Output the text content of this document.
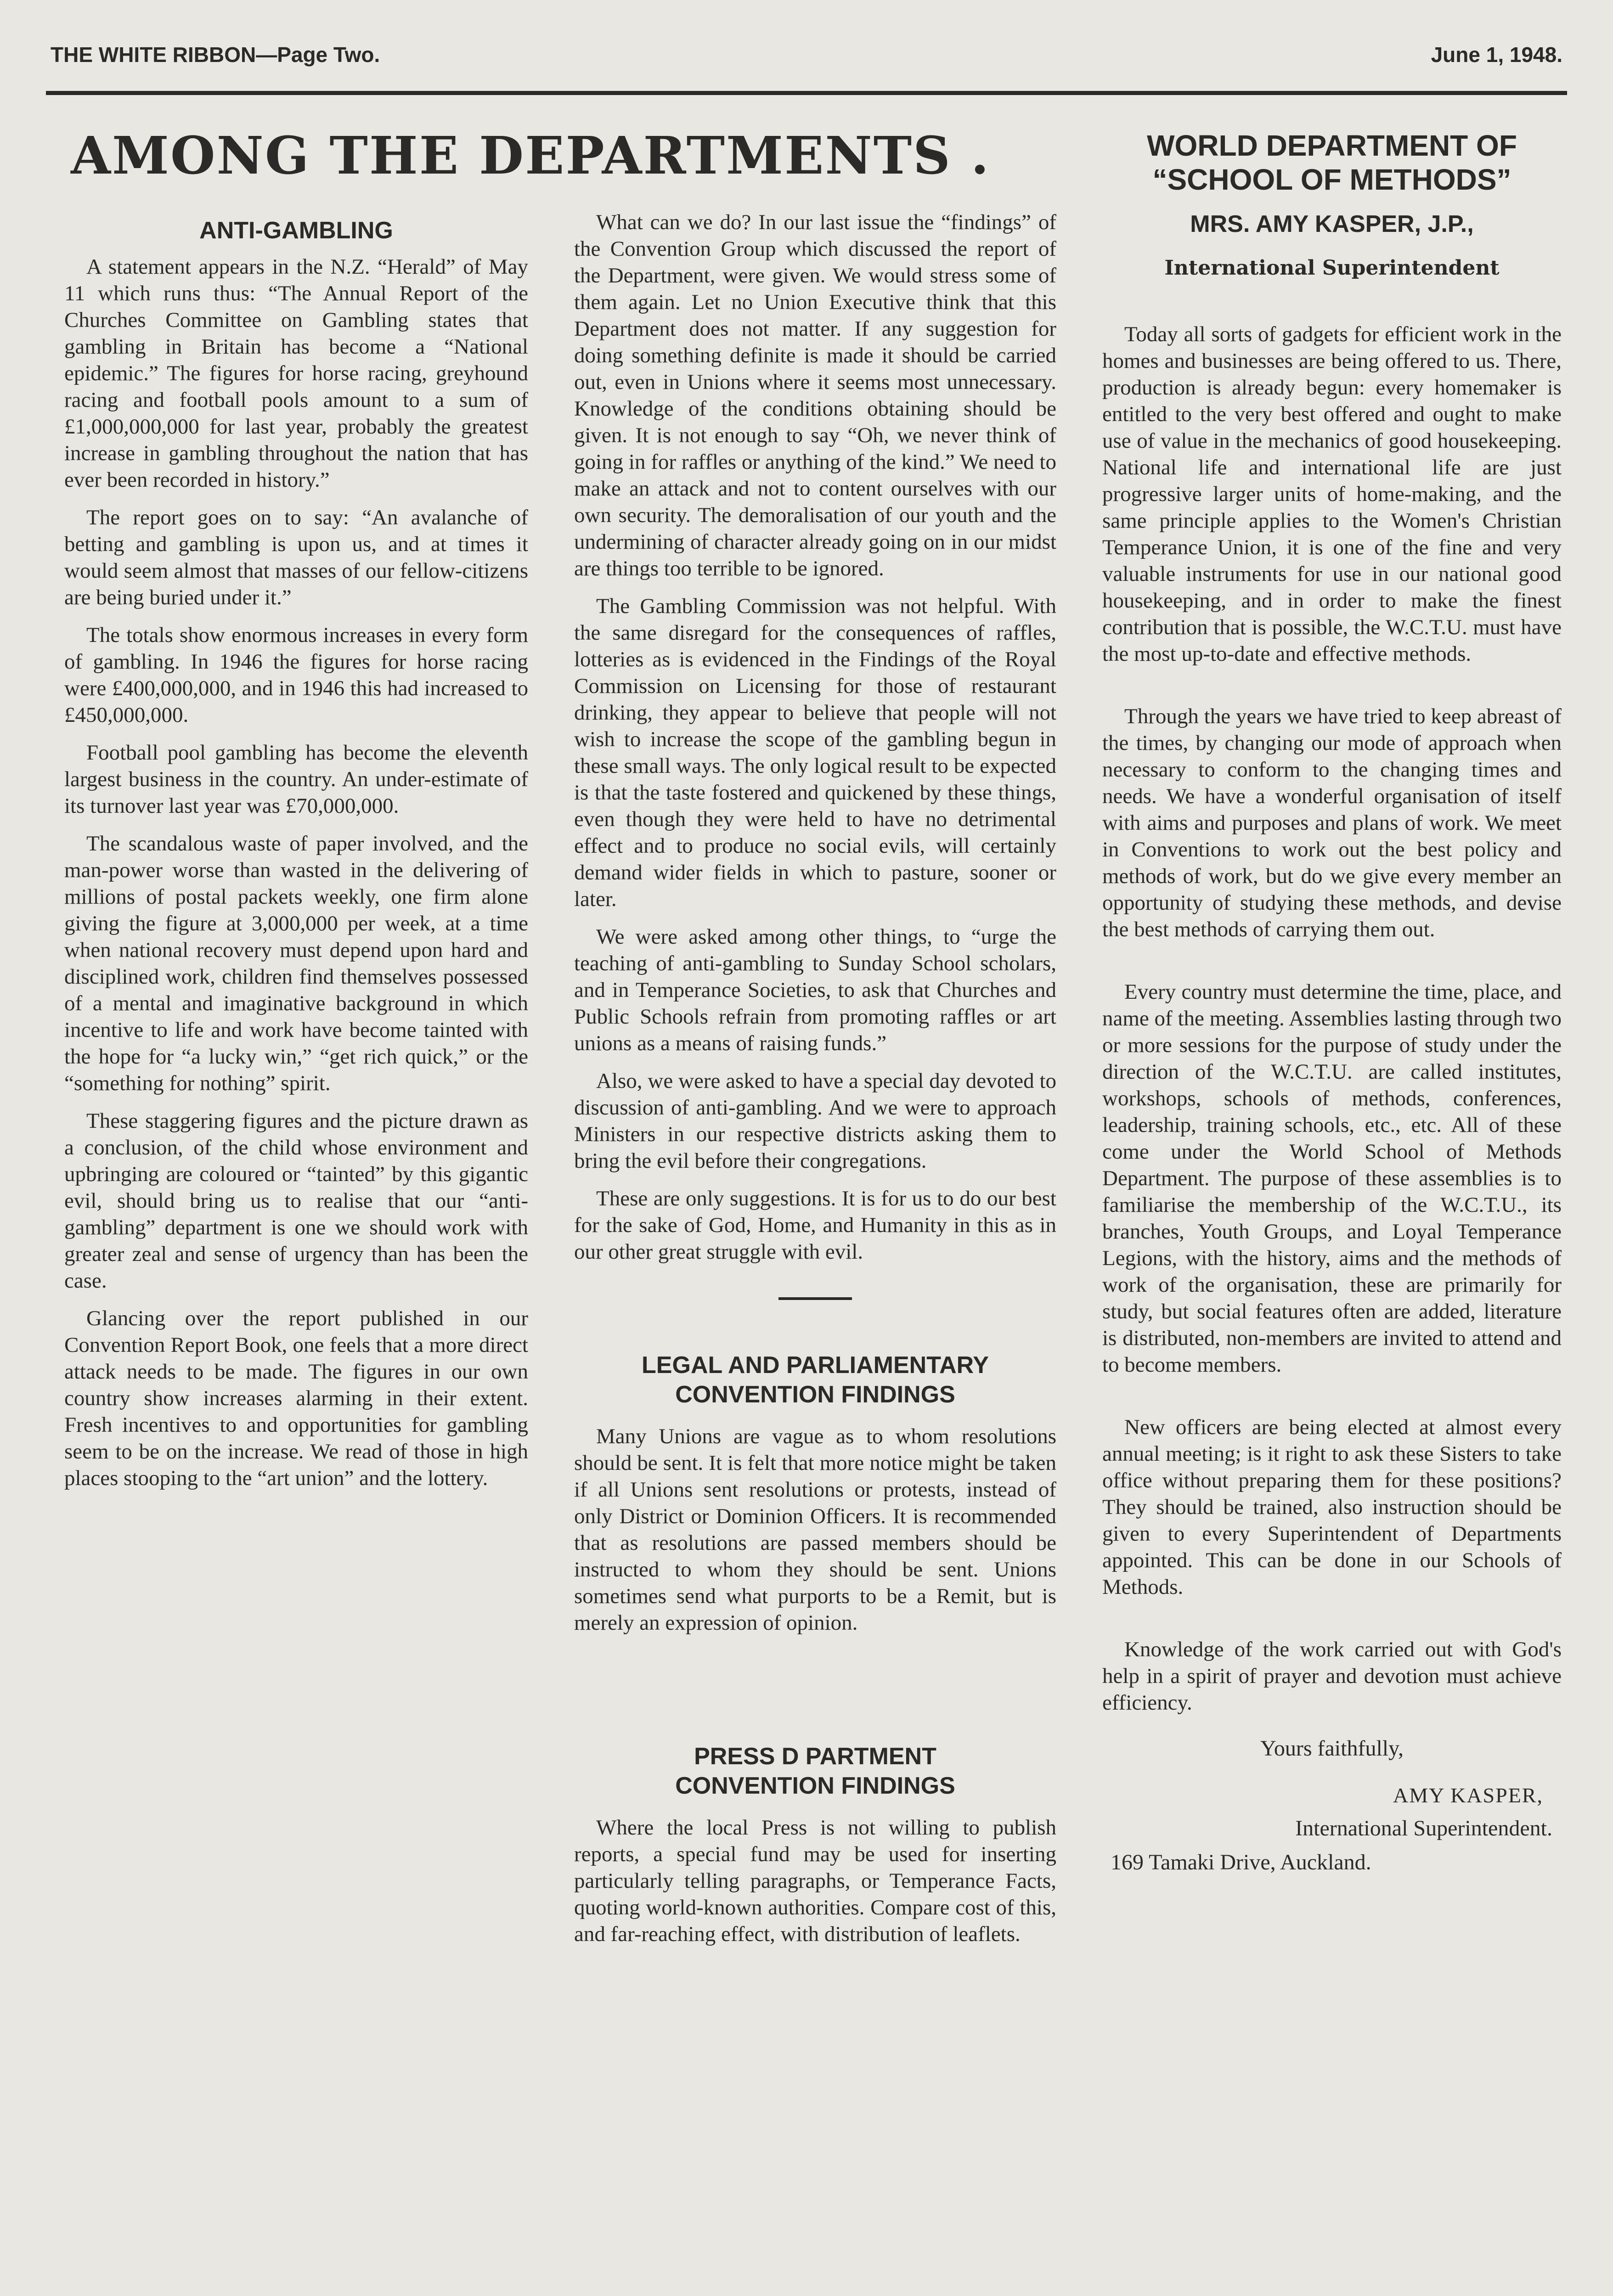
THE WHITE RIBBON—Page Two.	June 1, 1948.
AMONG THE DEPARTMENTS .
ANTI-GAMBLING

A statement appears in the N.Z. “Herald” of May 11 which runs thus: “The Annual Report of the Churches Committee on Gambling states that gambling in Britain has become a “National epidemic.” The figures for horse racing, greyhound racing and football pools amount to a sum of £1,000,000,000 for last year, probably the greatest increase in gambling throughout the nation that has ever been recorded in history.”

The report goes on to say: “An avalanche of betting and gambling is upon us, and at times it would seem almost that masses of our fellow-citizens are being buried under it.”

The totals show enormous increases in every form of gambling. In 1946 the figures for horse racing were £400,000,000, and in 1946 this had increased to £450,000,000.

Football pool gambling has become the eleventh largest business in the country. An under-estimate of its turnover last year was £70,000,000.

The scandalous waste of paper involved, and the man-power worse than wasted in the delivering of millions of postal packets weekly, one firm alone giving the figure at 3,000,000 per week, at a time when national recovery must depend upon hard and disciplined work, children find themselves possessed of a mental and imaginative background in which incentive to life and work have become tainted with the hope for “a lucky win,” “get rich quick,” or the “something for nothing” spirit.

These staggering figures and the picture drawn as a conclusion, of the child whose environment and upbringing are coloured or “tainted” by this gigantic evil, should bring us to realise that our “anti-gambling” department is one we should work with greater zeal and sense of urgency than has been the case.

Glancing over the report published in our Convention Report Book, one feels that a more direct attack needs to be made. The figures in our own country show increases alarming in their extent. Fresh incentives to and opportunities for gambling seem to be on the increase. We read of those in high places stooping to the “art union” and the lottery.

What can we do? In our last issue the “findings” of the Convention Group which discussed the report of the Department, were given. We would stress some of them again. Let no Union Executive think that this Department does not matter. If any suggestion for doing something definite is made it should be carried out, even in Unions where it seems most unnecessary. Knowledge of the conditions obtaining should be given. It is not enough to say “Oh, we never think of going in for raffles or anything of the kind.” We need to make an attack and not to content ourselves with our own security. The demoralisation of our youth and the undermining of character already going on in our midst are things too terrible to be ignored.

The Gambling Commission was not helpful. With the same disregard for the consequences of raffles, lotteries as is evidenced in the Findings of the Royal Commission on Licensing for those of restaurant drinking, they appear to believe that people will not wish to increase the scope of the gambling begun in these small ways. The only logical result to be expected is that the taste fostered and quickened by these things, even though they were held to have no detrimental effect and to produce no social evils, will certainly demand wider fields in which to pasture, sooner or later.

We were asked among other things, to “urge the teaching of anti-gambling to Sunday School scholars, and in Temperance Societies, to ask that Churches and Public Schools refrain from promoting raffles or art unions as a means of raising funds.”

Also, we were asked to have a special day devoted to discussion of anti-gambling. And we were to approach Ministers in our respective districts asking them to bring the evil before their congregations.

These are only suggestions. It is for us to do our best for the sake of God, Home, and Humanity in this as in our other great struggle with evil.

LEGAL AND PARLIAMENTARY
CONVENTION FINDINGS

Many Unions are vague as to whom resolutions should be sent. It is felt that more notice might be taken if all Unions sent resolutions or protests, instead of only District or Dominion Officers. It is recommended that as resolutions are passed members should be instructed to whom they should be sent. Unions sometimes send what purports to be a Remit, but is merely an expression of opinion.

PRESS D PARTMENT
CONVENTION FINDINGS

Where the local Press is not willing to publish reports, a special fund may be used for inserting particularly telling paragraphs, or Temperance Facts, quoting world-known authorities. Compare cost of this, and far-reaching effect, with distribution of leaflets.

WORLD DEPARTMENT OF
“SCHOOL OF METHODS”
MRS. AMY KASPER, J.P.,
International Superintendent

Today all sorts of gadgets for efficient work in the homes and businesses are being offered to us. There, production is already begun: every homemaker is entitled to the very best offered and ought to make use of value in the mechanics of good housekeeping. National life and international life are just progressive larger units of home-making, and the same principle applies to the Women's Christian Temperance Union, it is one of the fine and very valuable instruments for use in our national good housekeeping, and in order to make the finest contribution that is possible, the W.C.T.U. must have the most up-to-date and effective methods.

Through the years we have tried to keep abreast of the times, by changing our mode of approach when necessary to conform to the changing times and needs. We have a wonderful organisation of itself with aims and purposes and plans of work. We meet in Conventions to work out the best policy and methods of work, but do we give every member an opportunity of studying these methods, and devise the best methods of carrying them out.

Every country must determine the time, place, and name of the meeting. Assemblies lasting through two or more sessions for the purpose of study under the direction of the W.C.T.U. are called institutes, workshops, schools of methods, conferences, leadership, training schools, etc., etc. All of these come under the World School of Methods Department. The purpose of these assemblies is to familiarise the membership of the W.C.T.U., its branches, Youth Groups, and Loyal Temperance Legions, with the history, aims and the methods of work of the organisation, these are primarily for study, but social features often are added, literature is distributed, non-members are invited to attend and to become members.

New officers are being elected at almost every annual meeting; is it right to ask these Sisters to take office without preparing them for these positions? They should be trained, also instruction should be given to every Superintendent of Departments appointed. This can be done in our Schools of Methods.

Knowledge of the work carried out with God's help in a spirit of prayer and devotion must achieve efficiency.

Yours faithfully,
AMY KASPER,
International Superintendent.
169 Tamaki Drive, Auckland.
